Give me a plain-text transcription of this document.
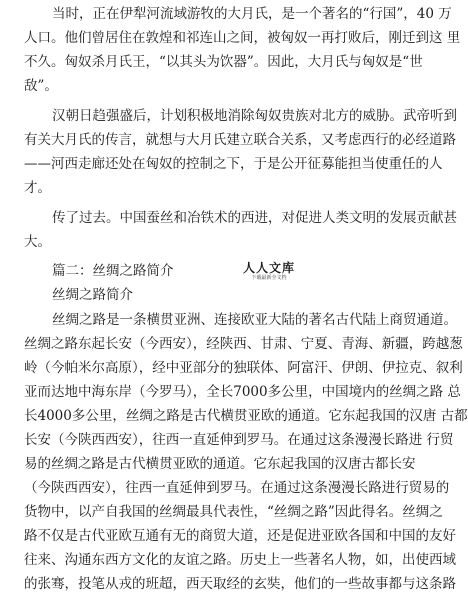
当时，正在伊犁河流域游牧的大月氏，是一个著名的“行国”，40 万
人口。他们曾居住在敦煌和祁连山之间，被匈奴一再打败后，刚迁到这 里
不久。匈奴杀月氏王，“以其头为饮器”。因此，大月氏与匈奴是“世
敌”。
汉朝日趋强盛后，计划积极地消除匈奴贵族对北方的威胁。武帝听到
有关大月氏的传言，就想与大月氏建立联合关系，又考虑西行的必经道路
——河西走廊还处在匈奴的控制之下，于是公开征募能担当使重任的人
才。
传了过去。中国蚕丝和冶铁术的西进，对促进人类文明的发展贡献甚
大。
篇二：丝绸之路简介
丝绸之路简介
人人文库
下载最新全文档
丝绸之路是一条横贯亚洲、连接欧亚大陆的著名古代陆上商贸通道。
丝绸之路东起长安（今西安），经陕西、甘肃、宁夏、青海、新疆，跨越葱
岭（今帕米尔高原），经中亚部分的独联体、阿富汗、伊朗、伊拉克、叙利
亚而达地中海东岸（今罗马），全长7000多公里，中国境内的丝绸之路 总
长4000多公里，丝绸之路是古代横贯亚欧的通道。它东起我国的汉唐 古都
长安（今陕西西安），往西一直延伸到罗马。在通过这条漫漫长路进 行贸
易的丝绸之路是古代横贯亚欧的通道。它东起我国的汉唐古都长安
（今陕西西安），往西一直延伸到罗马。在通过这条漫漫长路进行贸易的
货物中，以产自我国的丝绸最具代表性，“丝绸之路”因此得名。丝绸之
路不仅是古代亚欧互通有无的商贸大道，还是促进亚欧各国和中国的友好
往来、沟通东西方文化的友谊之路。历史上一些著名人物，如，出使西域
的张骞，投笔从戎的班超，西天取经的玄奘，他们的一些故事都与这条路
